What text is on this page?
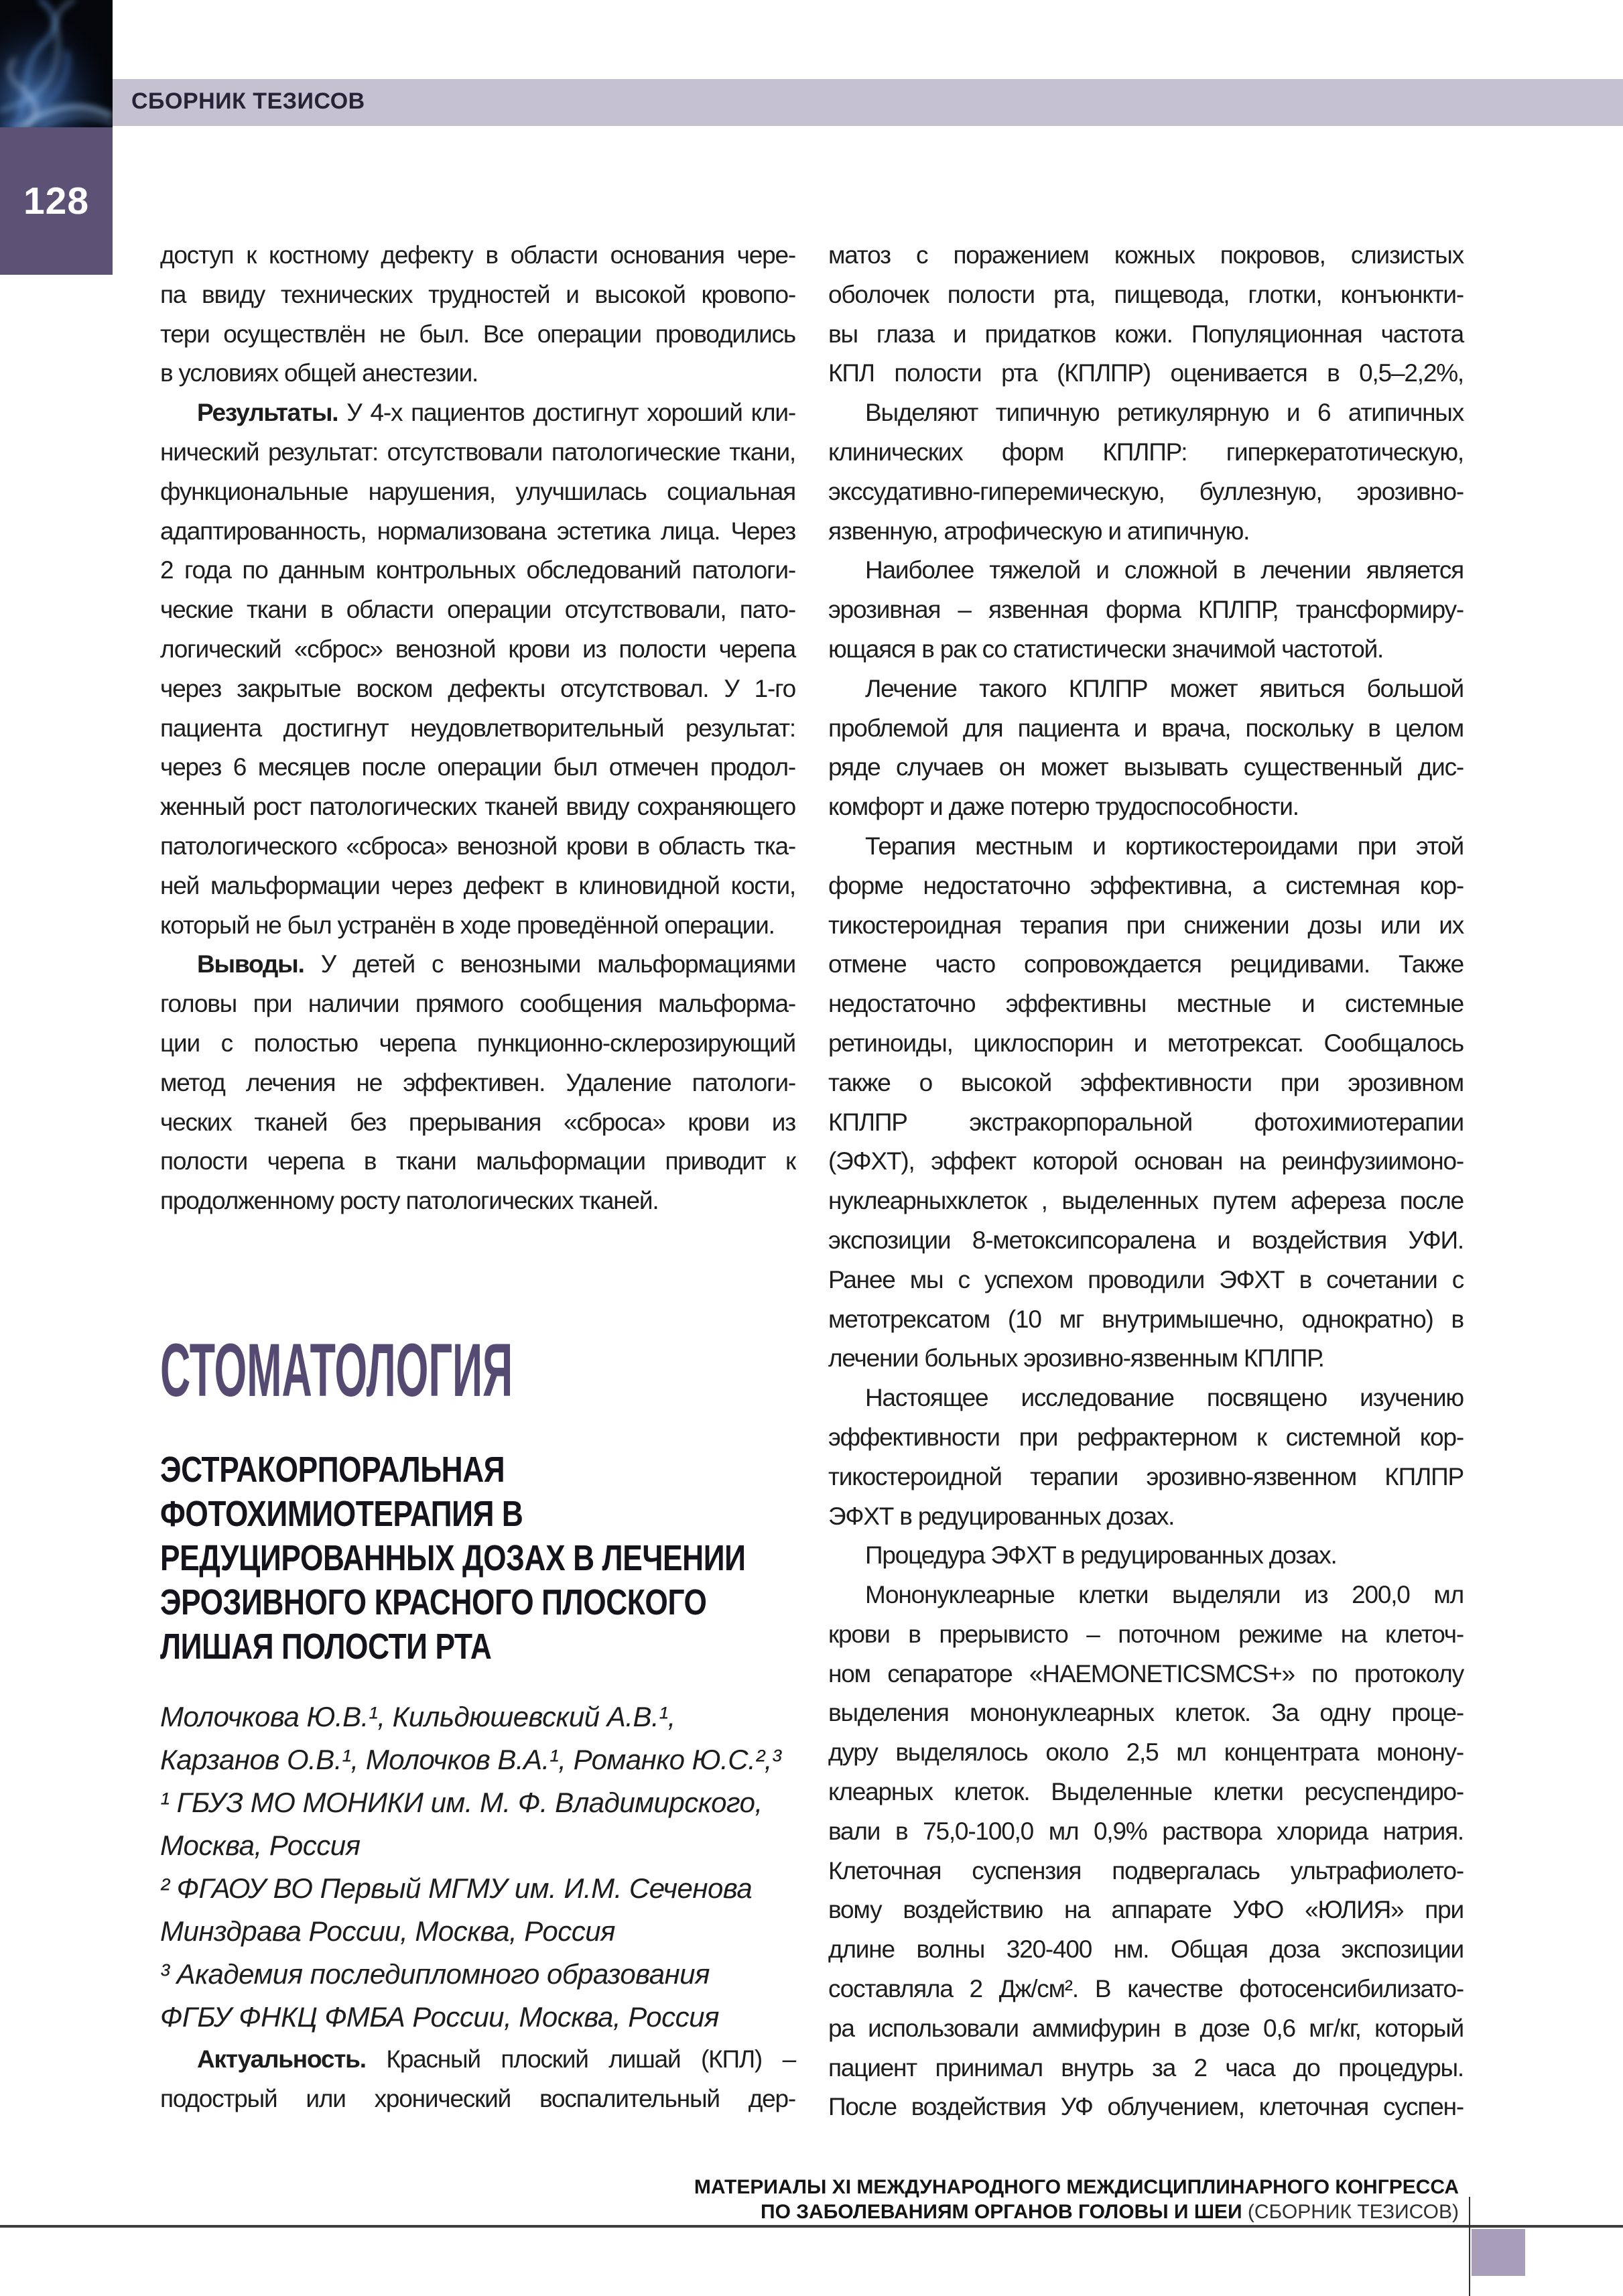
СБОРНИК ТЕЗИСОВ
128
доступ к костному дефекту в области основания чере-
па ввиду технических трудностей и высокой кровопо-
тери осуществлён не был. Все операции проводились
в условиях общей анестезии.
Результаты. У 4-х пациентов достигнут хороший кли-
нический результат: отсутствовали патологические ткани,
функциональные нарушения, улучшилась социальная
адаптированность, нормализована эстетика лица. Через
2 года по данным контрольных обследований патологи-
ческие ткани в области операции отсутствовали, пато-
логический «сброс» венозной крови из полости черепа
через закрытые воском дефекты отсутствовал. У 1-го
пациента достигнут неудовлетворительный результат:
через 6 месяцев после операции был отмечен продол-
женный рост патологических тканей ввиду сохраняющего
патологического «сброса» венозной крови в область тка-
ней мальформации через дефект в клиновидной кости,
который не был устранён в ходе проведённой операции.
Выводы. У детей с венозными мальформациями
головы при наличии прямого сообщения мальформа-
ции с полостью черепа пункционно-склерозирующий
метод лечения не эффективен. Удаление патологи-
ческих тканей без прерывания «сброса» крови из
полости черепа в ткани мальформации приводит к
продолженному росту патологических тканей.
СТОМАТОЛОГИЯ
ЭСТРАКОРПОРАЛЬНАЯ
ФОТОХИМИОТЕРАПИЯ В
РЕДУЦИРОВАННЫХ ДОЗАХ В ЛЕЧЕНИИ
ЭРОЗИВНОГО КРАСНОГО ПЛОСКОГО
ЛИШАЯ ПОЛОСТИ РТА
Молочкова Ю.В.¹, Кильдюшевский А.В.¹,
Карзанов О.В.¹, Молочков В.А.¹, Романко Ю.С.²,³
¹ ГБУЗ МО МОНИКИ им. М. Ф. Владимирского,
Москва, Россия
² ФГАОУ ВО Первый МГМУ им. И.М. Сеченова
Минздрава России, Москва, Россия
³ Академия последипломного образования
ФГБУ ФНКЦ ФМБА России, Москва, Россия
Актуальность. Красный плоский лишай (КПЛ) –
подострый или хронический воспалительный дер-
матоз с поражением кожных покровов, слизистых
оболочек полости рта, пищевода, глотки, конъюнкти-
вы глаза и придатков кожи. Популяционная частота
КПЛ полости рта (КПЛПР) оценивается в 0,5–2,2%,
Выделяют типичную ретикулярную и 6 атипичных
клинических форм КПЛПР: гиперкератотическую,
экссудативно-гиперемическую, буллезную, эрозивно-
язвенную, атрофическую и атипичную.
Наиболее тяжелой и сложной в лечении является
эрозивная – язвенная форма КПЛПР, трансформиру-
ющаяся в рак со статистически значимой частотой.
Лечение такого КПЛПР может явиться большой
проблемой для пациента и врача, поскольку в целом
ряде случаев он может вызывать существенный дис-
комфорт и даже потерю трудоспособности.
Терапия местным и кортикостероидами при этой
форме недостаточно эффективна, а системная кор-
тикостероидная терапия при снижении дозы или их
отмене часто сопровождается рецидивами. Также
недостаточно эффективны местные и системные
ретиноиды, циклоспорин и метотрексат. Сообщалось
также о высокой эффективности при эрозивном
КПЛПР экстракорпоральной фотохимиотерапии
(ЭФХТ), эффект которой основан на реинфузиимоно-
нуклеарныхклеток , выделенных путем афереза после
экспозиции 8-метоксипсоралена и воздействия УФИ.
Ранее мы с успехом проводили ЭФХТ в сочетании с
метотрексатом (10 мг внутримышечно, однократно) в
лечении больных эрозивно-язвенным КПЛПР.
Настоящее исследование посвящено изучению
эффективности при рефрактерном к системной кор-
тикостероидной терапии эрозивно-язвенном КПЛПР
ЭФХТ в редуцированных дозах.
Процедура ЭФХТ в редуцированных дозах.
Мононуклеарные клетки выделяли из 200,0 мл
крови в прерывисто – поточном режиме на клеточ-
ном сепараторе «HAEMONETICSMCS+» по протоколу
выделения мононуклеарных клеток. За одну проце-
дуру выделялось около 2,5 мл концентрата монону-
клеарных клеток. Выделенные клетки ресуспендиро-
вали в 75,0-100,0 мл 0,9% раствора хлорида натрия.
Клеточная суспензия подвергалась ультрафиолето-
вому воздействию на аппарате УФО «ЮЛИЯ» при
длине волны 320-400 нм. Общая доза экспозиции
составляла 2 Дж/см². В качестве фотосенсибилизато-
ра использовали аммифурин в дозе 0,6 мг/кг, который
пациент принимал внутрь за 2 часа до процедуры.
После воздействия УФ облучением, клеточная суспен-
МАТЕРИАЛЫ XI МЕЖДУНАРОДНОГО МЕЖДИСЦИПЛИНАРНОГО КОНГРЕССА
ПО ЗАБОЛЕВАНИЯМ ОРГАНОВ ГОЛОВЫ И ШЕИ (СБОРНИК ТЕЗИСОВ)
